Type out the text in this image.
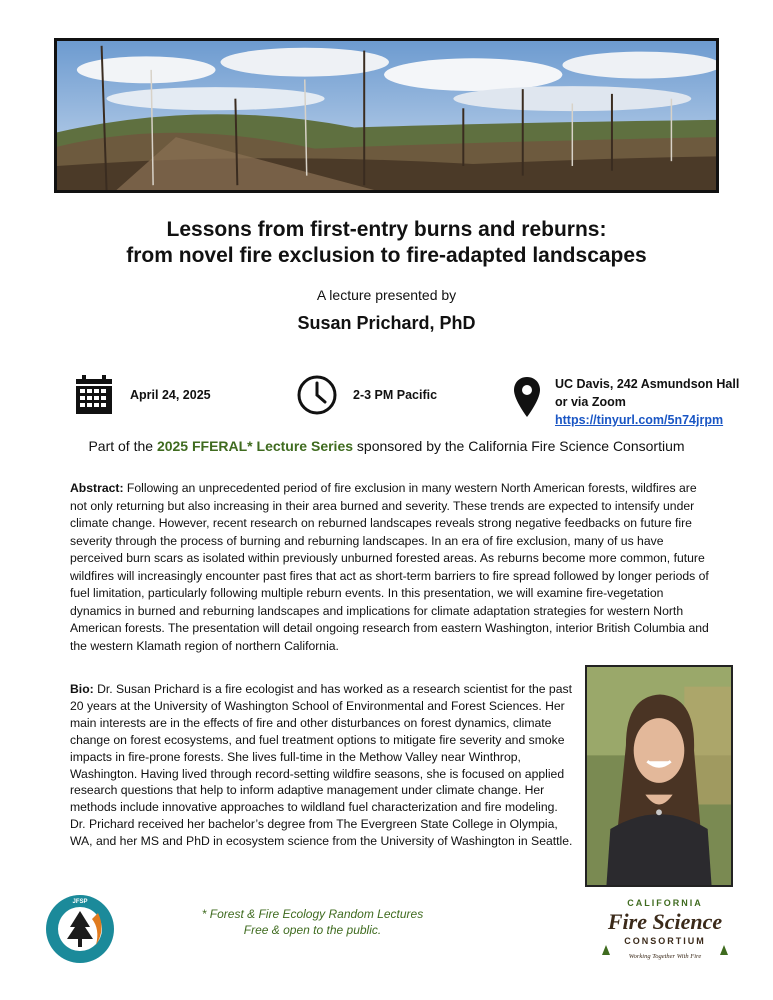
Lessons from first-entry burns and reburns:
from novel fire exclusion to fire-adapted landscapes
A lecture presented by
Susan Prichard, PhD
April 24, 2025	2-3 PM Pacific
UC Davis, 242 Asmundson Hall
or via Zoom
https://tinyurl.com/5n74jrpm
Part of the 2025 FFERAL* Lecture Series sponsored by the California Fire Science Consortium
Abstract: Following an unprecedented period of fire exclusion in many western North American forests, wildfires are not only returning but also increasing in their area burned and severity. These trends are expected to intensify under climate change. However, recent research on reburned landscapes reveals strong negative feedbacks on future fire severity through the process of burning and reburning landscapes. In an era of fire exclusion, many of us have perceived burn scars as isolated within previously unburned forested areas. As reburns become more common, future wildfires will increasingly encounter past fires that act as short-term barriers to fire spread followed by longer periods of fuel limitation, particularly following multiple reburn events. In this presentation, we will examine fire-vegetation dynamics in burned and reburning landscapes and implications for climate adaptation strategies for western North American forests. The presentation will detail ongoing research from eastern Washington, interior British Columbia and the western Klamath region of northern California.
Bio: Dr. Susan Prichard is a fire ecologist and has worked as a research scientist for the past 20 years at the University of Washington School of Environmental and Forest Sciences. Her main interests are in the effects of fire and other disturbances on forest dynamics, climate change on forest ecosystems, and fuel treatment options to mitigate fire severity and smoke impacts in fire-prone forests. She lives full-time in the Methow Valley near Winthrop, Washington. Having lived through record-setting wildfire seasons, she is focused on applied research questions that help to inform adaptive management under climate change. Her methods include innovative approaches to wildland fuel characterization and fire modeling. Dr. Prichard received her bachelor’s degree from The Evergreen State College in Olympia, WA, and her MS and PhD in ecosystem science from the University of Washington in Seattle.
JFSP
* Forest & Fire Ecology Random Lectures
Free & open to the public.
CALIFORNIA
Fire Science
CONSORTIUM
Working Together With Fire
